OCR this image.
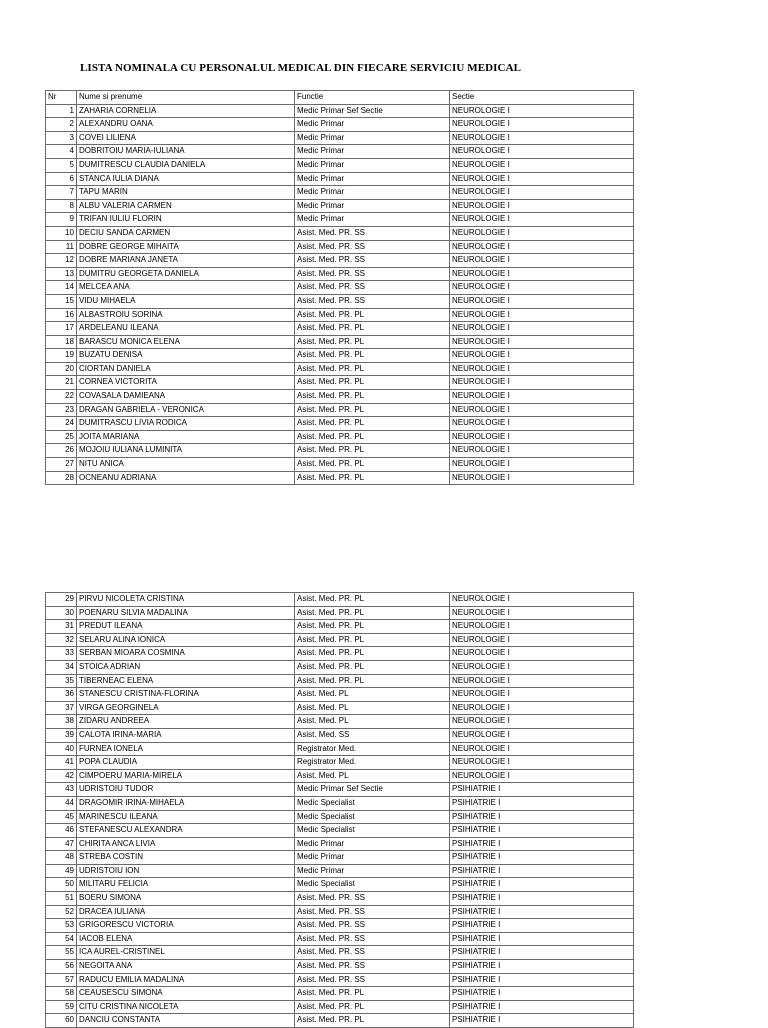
LISTA NOMINALA CU PERSONALUL MEDICAL DIN FIECARE SERVICIU MEDICAL
Nr	Nume si prenume	Functie	Sectie
1	ZAHARIA CORNELIA	Medic Primar Sef Sectie	NEUROLOGIE I
2	ALEXANDRU OANA	Medic Primar	NEUROLOGIE I
3	COVEI LILIENA	Medic Primar	NEUROLOGIE I
4	DOBRITOIU MARIA-IULIANA	Medic Primar	NEUROLOGIE I
5	DUMITRESCU CLAUDIA DANIELA	Medic Primar	NEUROLOGIE I
6	STANCA IULIA DIANA	Medic Primar	NEUROLOGIE I
7	TAPU MARIN	Medic Primar	NEUROLOGIE I
8	ALBU VALERIA CARMEN	Medic Primar	NEUROLOGIE I
9	TRIFAN IULIU FLORIN	Medic Primar	NEUROLOGIE I
10	DECIU SANDA CARMEN	Asist. Med. PR. SS	NEUROLOGIE I
11	DOBRE GEORGE MIHAITA	Asist. Med. PR. SS	NEUROLOGIE I
12	DOBRE MARIANA JANETA	Asist. Med. PR. SS	NEUROLOGIE I
13	DUMITRU GEORGETA DANIELA	Asist. Med. PR. SS	NEUROLOGIE I
14	MELCEA ANA	Asist. Med. PR. SS	NEUROLOGIE I
15	VIDU MIHAELA	Asist. Med. PR. SS	NEUROLOGIE I
16	ALBASTROIU SORINA	Asist. Med. PR. PL	NEUROLOGIE I
17	ARDELEANU ILEANA	Asist. Med. PR. PL	NEUROLOGIE I
18	BARASCU MONICA ELENA	Asist. Med. PR. PL	NEUROLOGIE I
19	BUZATU DENISA	Asist. Med. PR. PL	NEUROLOGIE I
20	CIORTAN DANIELA	Asist. Med. PR. PL	NEUROLOGIE I
21	CORNEA VICTORITA	Asist. Med. PR. PL	NEUROLOGIE I
22	COVASALA DAMIEANA	Asist. Med. PR. PL	NEUROLOGIE I
23	DRAGAN GABRIELA - VERONICA	Asist. Med. PR. PL	NEUROLOGIE I
24	DUMITRASCU LIVIA RODICA	Asist. Med. PR. PL	NEUROLOGIE I
25	JOITA MARIANA	Asist. Med. PR. PL	NEUROLOGIE I
26	MOJOIU IULIANA LUMINITA	Asist. Med. PR. PL	NEUROLOGIE I
27	NITU ANICA	Asist. Med. PR. PL	NEUROLOGIE I
28	OCNEANU ADRIANA	Asist. Med. PR. PL	NEUROLOGIE I
29	PIRVU NICOLETA CRISTINA	Asist. Med. PR. PL	NEUROLOGIE I
30	POENARU SILVIA MADALINA	Asist. Med. PR. PL	NEUROLOGIE I
31	PREDUT ILEANA	Asist. Med. PR. PL	NEUROLOGIE I
32	SELARU ALINA IONICA	Asist. Med. PR. PL	NEUROLOGIE I
33	SERBAN MIOARA COSMINA	Asist. Med. PR. PL	NEUROLOGIE I
34	STOICA ADRIAN	Asist. Med. PR. PL	NEUROLOGIE I
35	TIBERNEAC ELENA	Asist. Med. PR. PL	NEUROLOGIE I
36	STANESCU CRISTINA-FLORINA	Asist. Med. PL	NEUROLOGIE I
37	VIRGA GEORGINELA	Asist. Med. PL	NEUROLOGIE I
38	ZIDARU ANDREEA	Asist. Med. PL	NEUROLOGIE I
39	CALOTA IRINA-MARIA	Asist. Med. SS	NEUROLOGIE I
40	FURNEA IONELA	Registrator Med.	NEUROLOGIE I
41	POPA CLAUDIA	Registrator Med.	NEUROLOGIE I
42	CIMPOERU MARIA-MIRELA	Asist. Med. PL	NEUROLOGIE I
43	UDRISTOIU TUDOR	Medic Primar Sef Sectie	PSIHIATRIE I
44	DRAGOMIR IRINA-MIHAELA	Medic Specialist	PSIHIATRIE I
45	MARINESCU ILEANA	Medic Specialist	PSIHIATRIE I
46	STEFANESCU ALEXANDRA	Medic Specialist	PSIHIATRIE I
47	CHIRITA ANCA LIVIA	Medic Primar	PSIHIATRIE I
48	STREBA COSTIN	Medic Primar	PSIHIATRIE I
49	UDRISTOIU ION	Medic Primar	PSIHIATRIE I
50	MILITARU FELICIA	Medic Specialist	PSIHIATRIE I
51	BOERU SIMONA	Asist. Med. PR. SS	PSIHIATRIE I
52	DRACEA IULIANA	Asist. Med. PR. SS	PSIHIATRIE I
53	GRIGORESCU VICTORIA	Asist. Med. PR. SS	PSIHIATRIE I
54	IACOB ELENA	Asist. Med. PR. SS	PSIHIATRIE I
55	ICA AUREL-CRISTINEL	Asist. Med. PR. SS	PSIHIATRIE I
56	NEGOITA ANA	Asist. Med. PR. SS	PSIHIATRIE I
57	RADUCU EMILIA MADALINA	Asist. Med. PR. SS	PSIHIATRIE I
58	CEAUSESCU SIMONA	Asist. Med. PR. PL	PSIHIATRIE I
59	CITU CRISTINA NICOLETA	Asist. Med. PR. PL	PSIHIATRIE I
60	DANCIU CONSTANTA	Asist. Med. PR. PL	PSIHIATRIE I
